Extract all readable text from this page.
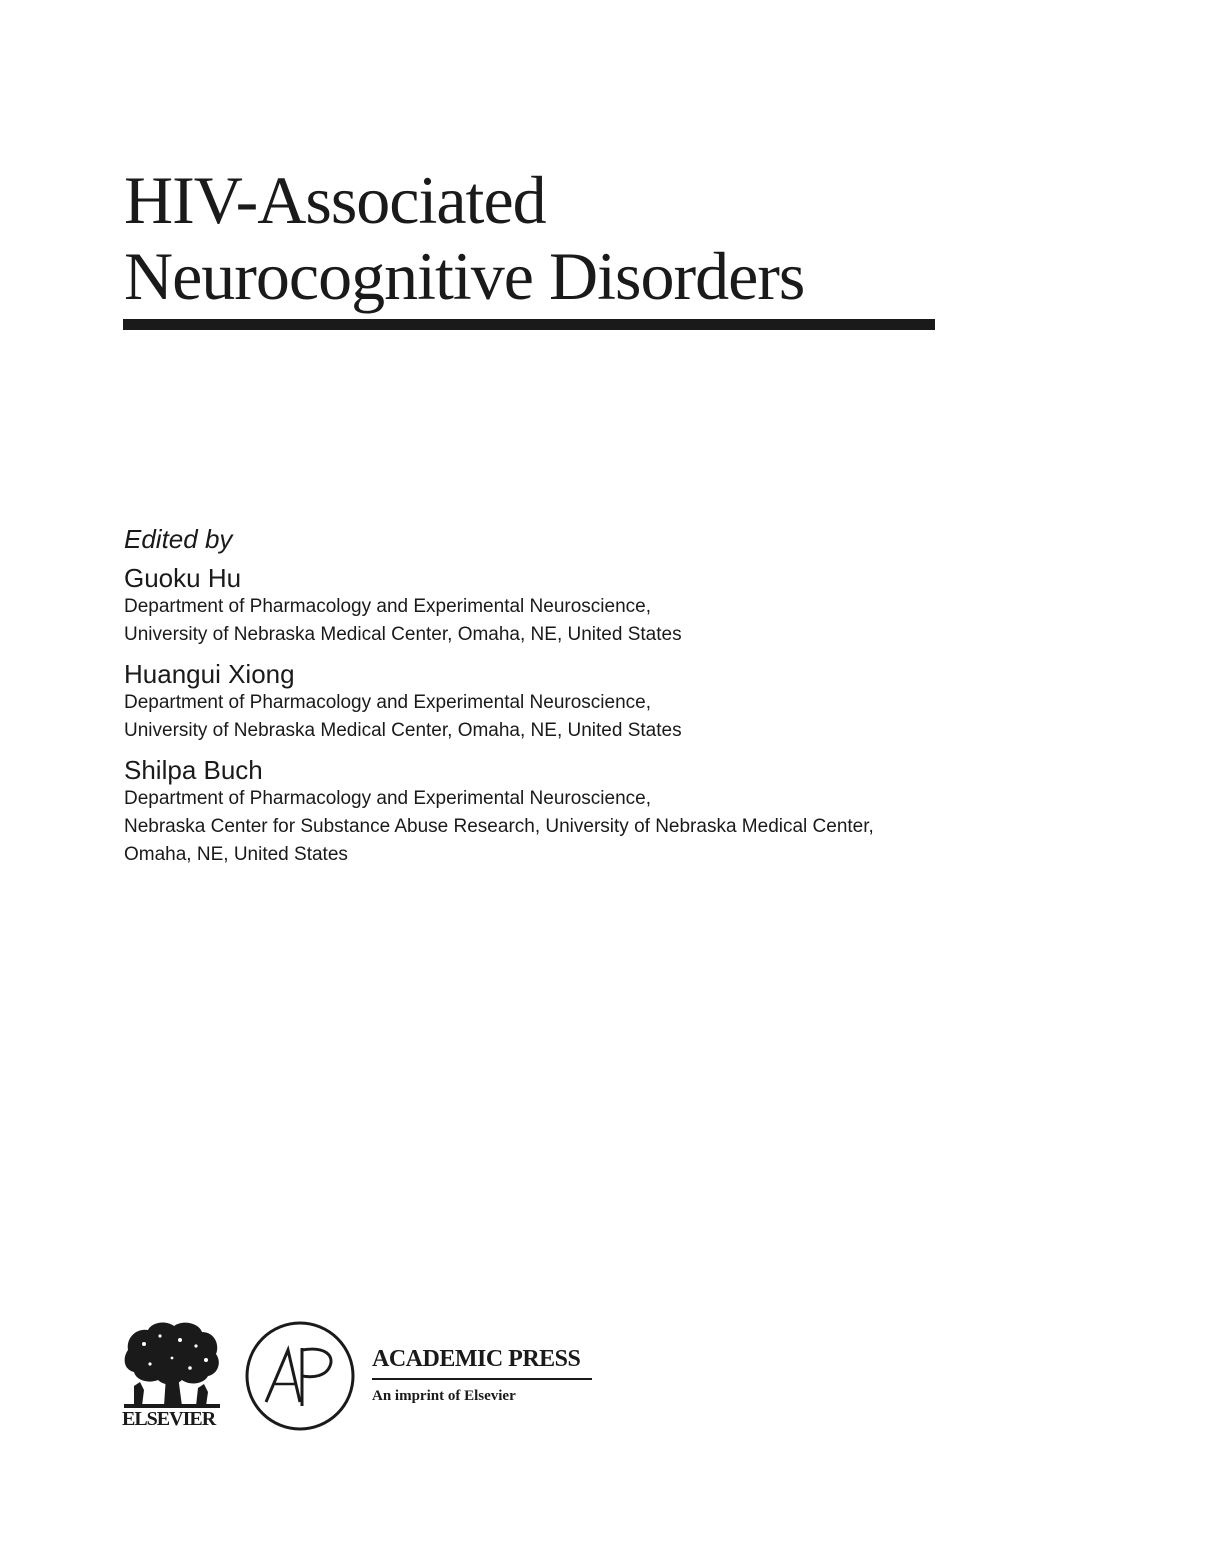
HIV-Associated
Neurocognitive Disorders
Edited by
Guoku Hu
Department of Pharmacology and Experimental Neuroscience,
University of Nebraska Medical Center, Omaha, NE, United States
Huangui Xiong
Department of Pharmacology and Experimental Neuroscience,
University of Nebraska Medical Center, Omaha, NE, United States
Shilpa Buch
Department of Pharmacology and Experimental Neuroscience,
Nebraska Center for Substance Abuse Research, University of Nebraska Medical Center,
Omaha, NE, United States
ELSEVIER
ACADEMIC PRESS
An imprint of Elsevier
